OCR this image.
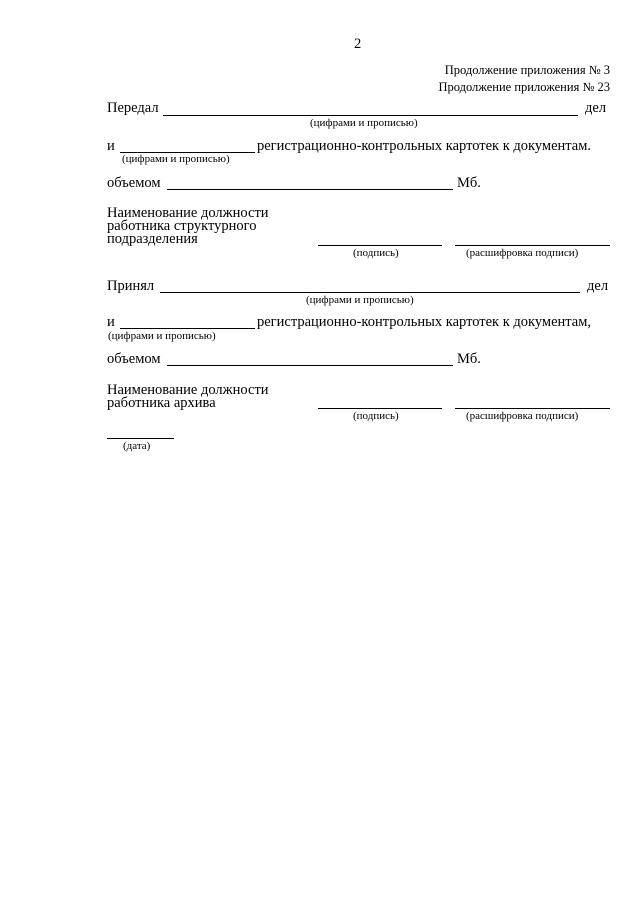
2
Продолжение приложения № 3
Продолжение приложения № 23
Передал	дел
(цифрами и прописью)
и	регистрационно-контрольных картотек к документам.
(цифрами и прописью)
объемом	Мб.
Наименование должности
работника структурного
подразделения
(подпись)	(расшифровка подписи)
Принял	дел
(цифрами и прописью)
и	регистрационно-контрольных картотек к документам,
(цифрами и прописью)
объемом	Мб.
Наименование должности
работника архива
(подпись)	(расшифровка подписи)
(дата)
